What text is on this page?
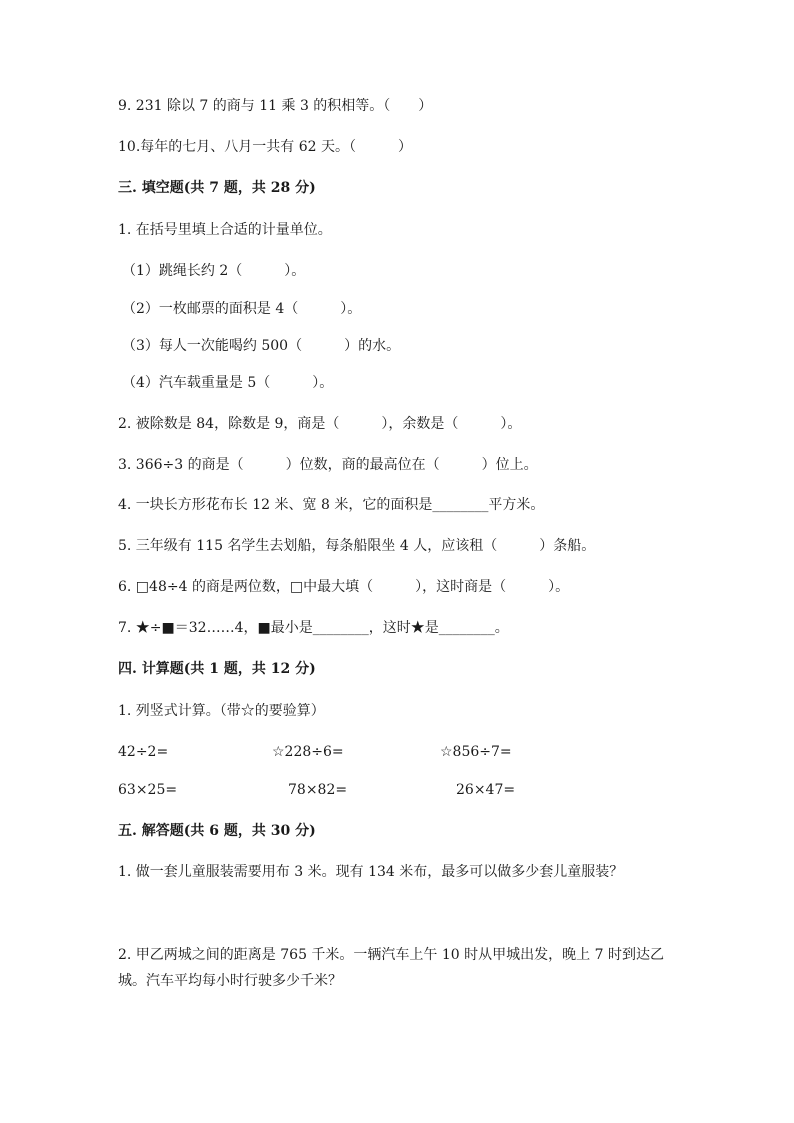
9. 231 除以 7 的商与 11 乘 3 的积相等。（　　）
10.每年的七月、八月一共有 62 天。（　　　）
三. 填空题(共 7 题，共 28 分)
1. 在括号里填上合适的计量单位。
（1）跳绳长约 2（　　　）。
（2）一枚邮票的面积是 4（　　　）。
（3）每人一次能喝约 500（　　　）的水。
（4）汽车载重量是 5（　　　）。
2. 被除数是 84，除数是 9，商是（　　　），余数是（　　　）。
3. 366÷3 的商是（　　　）位数，商的最高位在（　　　）位上。
4. 一块长方形花布长 12 米、宽 8 米，它的面积是________平方米。
5. 三年级有 115 名学生去划船，每条船限坐 4 人，应该租（　　　）条船。
6. □48÷4 的商是两位数，□中最大填（　　　），这时商是（　　　）。
7. ★÷■＝32……4，■最小是________，这时★是________。
四. 计算题(共 1 题，共 12 分)
1. 列竖式计算。（带☆的要验算）
42÷2=	☆228÷6=	☆856÷7=
63×25=	78×82=	26×47=
五. 解答题(共 6 题，共 30 分)
1. 做一套儿童服装需要用布 3 米。现有 134 米布，最多可以做多少套儿童服装？
2. 甲乙两城之间的距离是 765 千米。一辆汽车上午 10 时从甲城出发，晚上 7 时到达乙城。汽车平均每小时行驶多少千米？
